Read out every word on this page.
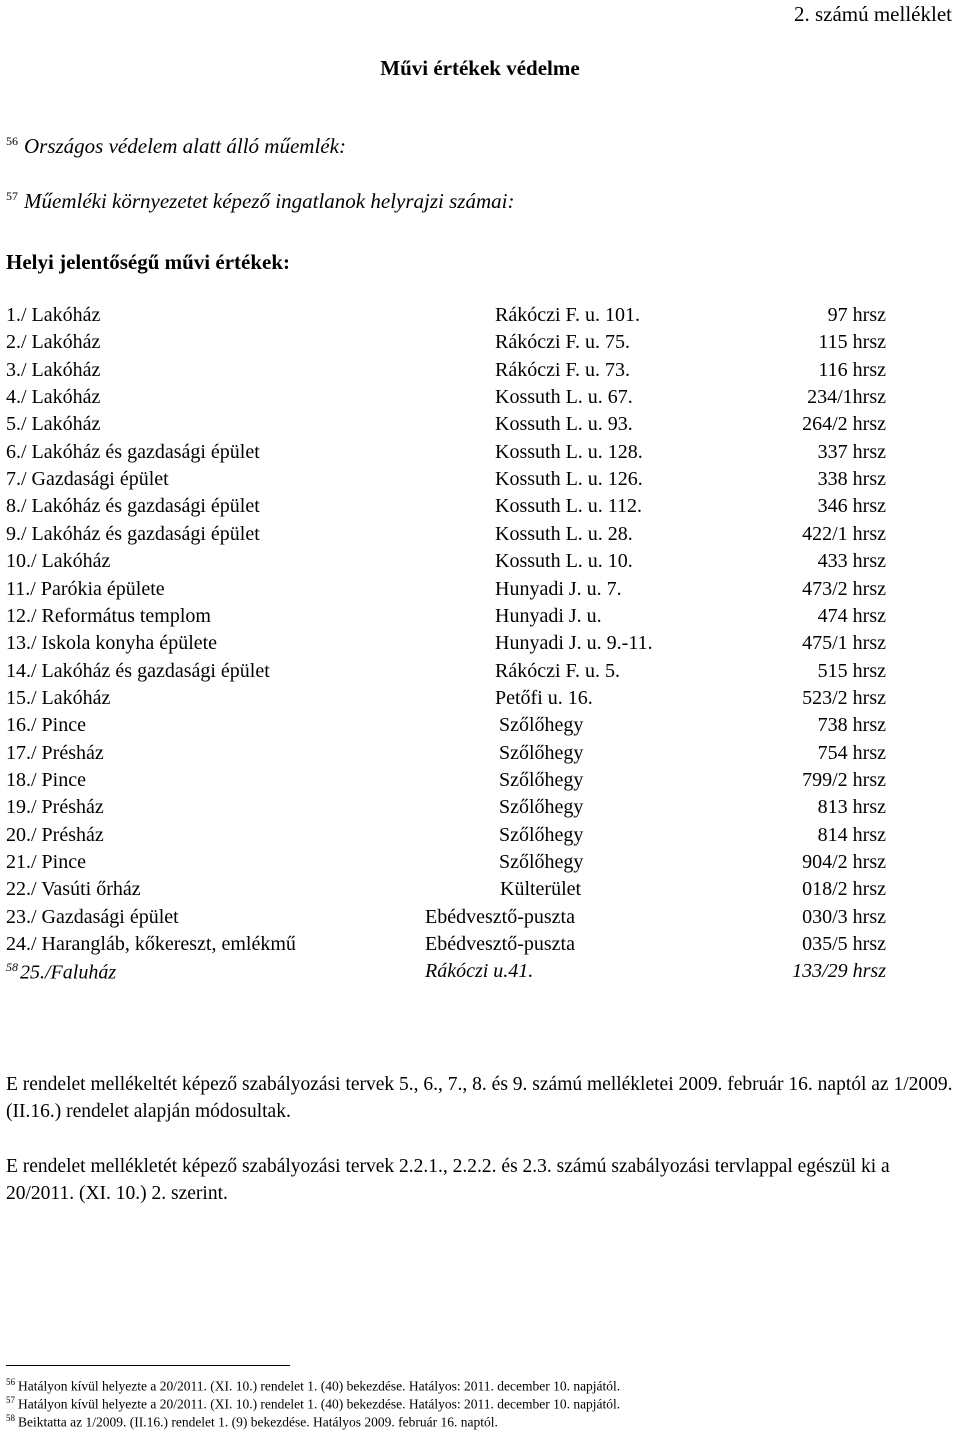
2. számú melléklet
Művi értékek védelme
$^{56}$ Országos védelem alatt álló műemlék:
$^{57}$ Műemléki környezetet képező ingatlanok helyrajzi számai:
Helyi jelentőségű művi értékek:
1./ Lakóház	Rákóczi F. u. 101.	97 hrsz
2./ Lakóház	Rákóczi F. u. 75.	115 hrsz
3./ Lakóház	Rákóczi F. u. 73.	116 hrsz
4./ Lakóház	Kossuth L. u. 67.	234/1hrsz
5./ Lakóház	Kossuth L. u. 93.	264/2 hrsz
6./ Lakóház és gazdasági épület	Kossuth L. u. 128.	337 hrsz
7./ Gazdasági épület	Kossuth L. u. 126.	338 hrsz
8./ Lakóház és gazdasági épület	Kossuth L. u. 112.	346 hrsz
9./ Lakóház és gazdasági épület	Kossuth L. u. 28.	422/1 hrsz
10./ Lakóház	Kossuth L. u. 10.	433 hrsz
11./ Parókia épülete	Hunyadi J. u. 7.	473/2 hrsz
12./ Református templom	Hunyadi J. u.	474 hrsz
13./ Iskola konyha épülete	Hunyadi J. u. 9.-11.	475/1 hrsz
14./ Lakóház és gazdasági épület	Rákóczi F. u. 5.	515 hrsz
15./ Lakóház	Petőfi u. 16.	523/2 hrsz
16./ Pince	Szőlőhegy	738 hrsz
17./ Présház	Szőlőhegy	754 hrsz
18./ Pince	Szőlőhegy	799/2 hrsz
19./ Présház	Szőlőhegy	813 hrsz
20./ Présház	Szőlőhegy	814 hrsz
21./ Pince	Szőlőhegy	904/2 hrsz
22./ Vasúti őrház	Külterület	018/2 hrsz
23./ Gazdasági épület	Ebédvesztő-puszta	030/3 hrsz
24./ Harangláb, kőkereszt, emlékmű	Ebédvesztő-puszta	035/5 hrsz
$^{58}$ 25./Faluház	Rákóczi u.41.	133/29 hrsz
E rendelet mellékeltét képező szabályozási tervek 5., 6., 7., 8. és 9. számú mellékletei 2009. február 16. naptól az 1/2009. (II.16.) rendelet alapján módosultak.
E rendelet mellékletét képező szabályozási tervek 2.2.1., 2.2.2. és 2.3. számú szabályozási tervlappal egészül ki a 20/2011. (XI. 10.) 2. szerint.
$^{56}$ Hatályon kívül helyezte a 20/2011. (XI. 10.) rendelet 1. (40) bekezdése. Hatályos: 2011. december 10. napjától.
$^{57}$ Hatályon kívül helyezte a 20/2011. (XI. 10.) rendelet 1. (40) bekezdése. Hatályos: 2011. december 10. napjától.
$^{58}$ Beiktatta az 1/2009. (II.16.) rendelet 1. (9) bekezdése. Hatályos 2009. február 16. naptól.
